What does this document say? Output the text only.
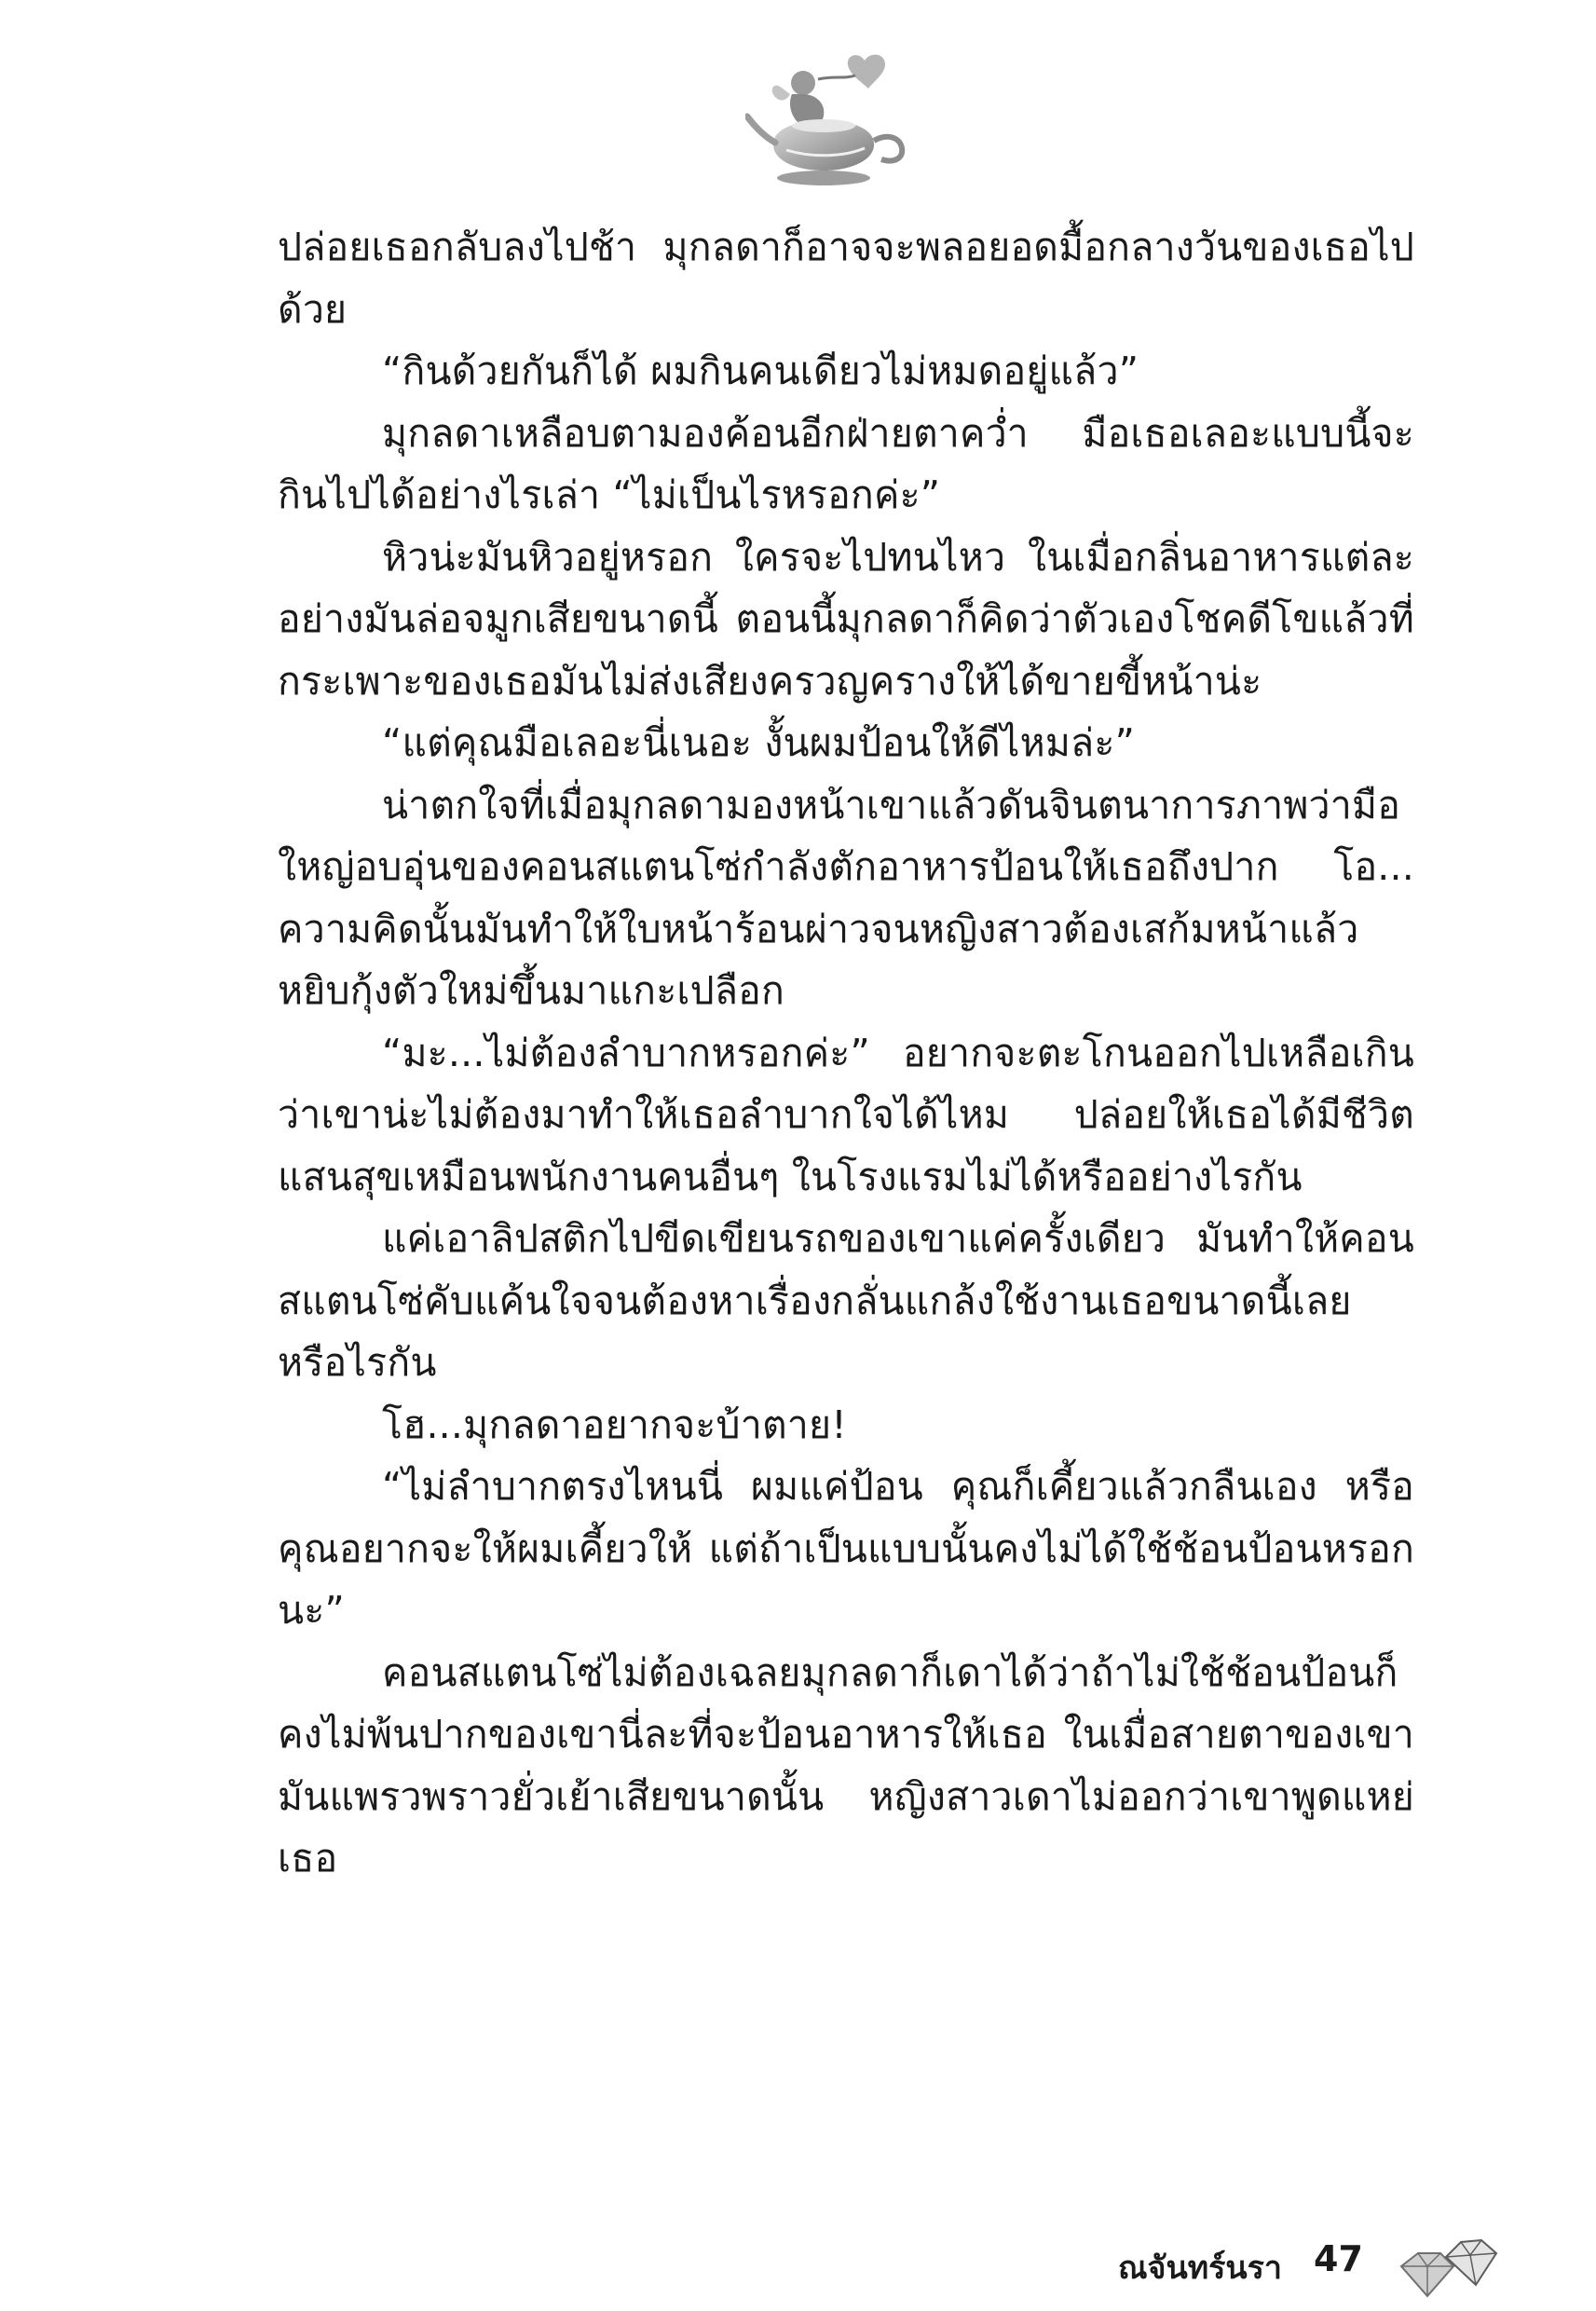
ปล่อยเธอกลับลงไปช้า มุกลดาก็อาจจะพลอยอดมื้อกลางวันของเธอไปด้วย

“กินด้วยกันก็ได้ ผมกินคนเดียวไม่หมดอยู่แล้ว”

มุกลดาเหลือบตามองค้อนอีกฝ่ายตาคว่ำ มือเธอเลอะแบบนี้จะกินไปได้อย่างไรเล่า “ไม่เป็นไรหรอกค่ะ”

หิวน่ะมันหิวอยู่หรอก ใครจะไปทนไหว ในเมื่อกลิ่นอาหารแต่ละอย่างมันล่อจมูกเสียขนาดนี้ ตอนนี้มุกลดาก็คิดว่าตัวเองโชคดีโขแล้วที่กระเพาะของเธอมันไม่ส่งเสียงครวญครางให้ได้ขายขี้หน้าน่ะ

“แต่คุณมือเลอะนี่เนอะ งั้นผมป้อนให้ดีไหมล่ะ”

น่าตกใจที่เมื่อมุกลดามองหน้าเขาแล้วดันจินตนาการภาพว่ามือใหญ่อบอุ่นของคอนสแตนโซ่กำลังตักอาหารป้อนให้เธอถึงปาก โอ... ความคิดนั้นมันทำให้ใบหน้าร้อนผ่าวจนหญิงสาวต้องเสก้มหน้าแล้วหยิบกุ้งตัวใหม่ขึ้นมาแกะเปลือก

“มะ...ไม่ต้องลำบากหรอกค่ะ” อยากจะตะโกนออกไปเหลือเกินว่าเขาน่ะไม่ต้องมาทำให้เธอลำบากใจได้ไหม ปล่อยให้เธอได้มีชีวิตแสนสุขเหมือนพนักงานคนอื่นๆ ในโรงแรมไม่ได้หรืออย่างไรกัน

แค่เอาลิปสติกไปขีดเขียนรถของเขาแค่ครั้งเดียว มันทำให้คอนสแตนโซ่คับแค้นใจจนต้องหาเรื่องกลั่นแกล้งใช้งานเธอขนาดนี้เลยหรือไรกัน

โฮ...มุกลดาอยากจะบ้าตาย!

“ไม่ลำบากตรงไหนนี่ ผมแค่ป้อน คุณก็เคี้ยวแล้วกลืนเอง หรือคุณอยากจะให้ผมเคี้ยวให้ แต่ถ้าเป็นแบบนั้นคงไม่ได้ใช้ช้อนป้อนหรอกนะ”

คอนสแตนโซ่ไม่ต้องเฉลยมุกลดาก็เดาได้ว่าถ้าไม่ใช้ช้อนป้อนก็คงไม่พ้นปากของเขานี่ละที่จะป้อนอาหารให้เธอ ในเมื่อสายตาของเขามันแพรวพราวยั่วเย้าเสียขนาดนั้น หญิงสาวเดาไม่ออกว่าเขาพูดแหย่เธอ

ณจันทร์นรา 47
